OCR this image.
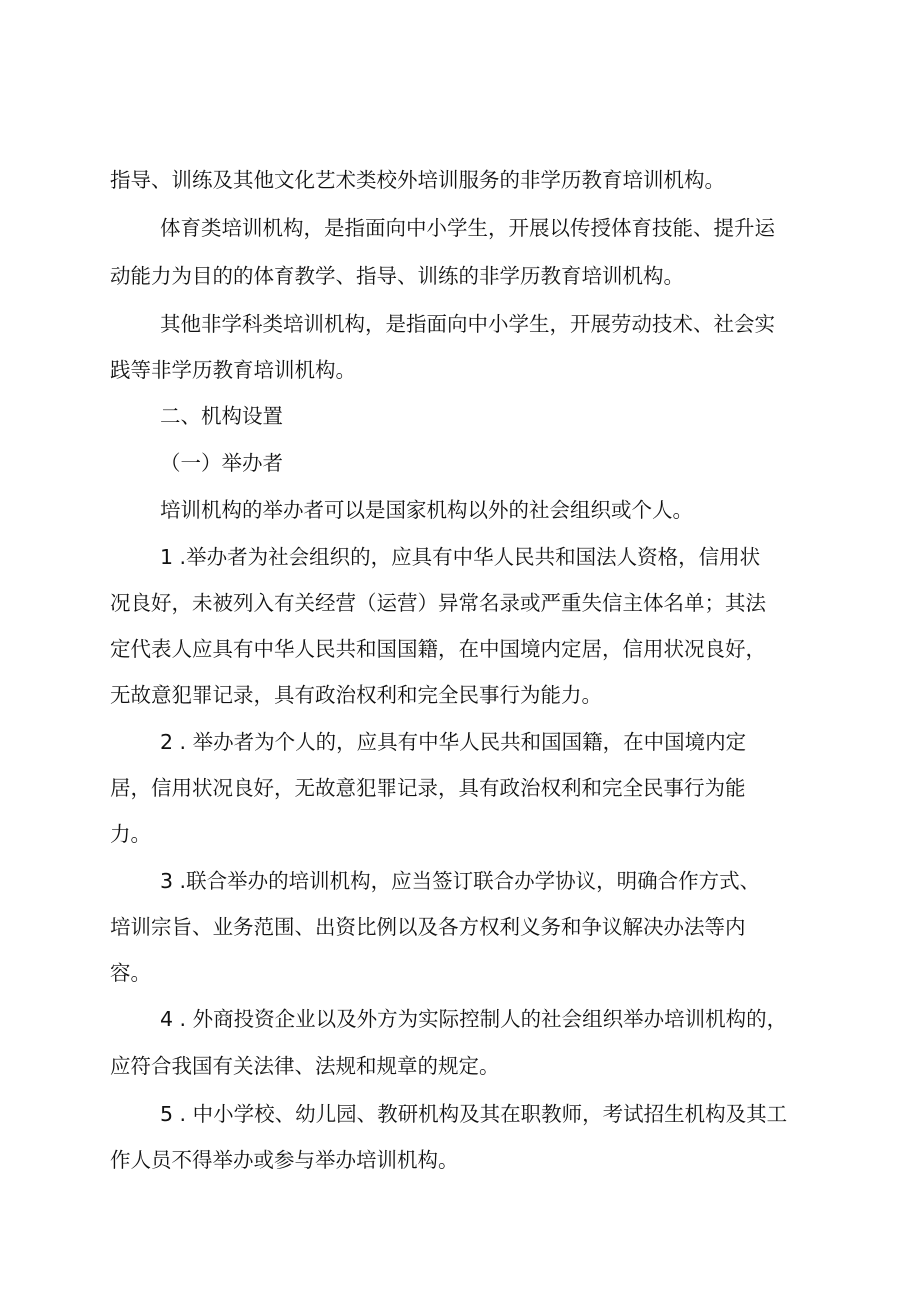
指导、训练及其他文化艺术类校外培训服务的非学历教育培训机构。

体育类培训机构，是指面向中小学生，开展以传授体育技能、提升运

动能力为目的的体育教学、指导、训练的非学历教育培训机构。

其他非学科类培训机构，是指面向中小学生，开展劳动技术、社会实

践等非学历教育培训机构。

二、机构设置

（一）举办者

培训机构的举办者可以是国家机构以外的社会组织或个人。

1 .举办者为社会组织的，应具有中华人民共和国法人资格，信用状

况良好，未被列入有关经营（运营）异常名录或严重失信主体名单；其法

定代表人应具有中华人民共和国国籍，在中国境内定居，信用状况良好，

无故意犯罪记录，具有政治权利和完全民事行为能力。

2 . 举办者为个人的，应具有中华人民共和国国籍，在中国境内定

居，信用状况良好，无故意犯罪记录，具有政治权利和完全民事行为能

力。

3 .联合举办的培训机构，应当签订联合办学协议，明确合作方式、

培训宗旨、业务范围、出资比例以及各方权利义务和争议解决办法等内

容。

4 . 外商投资企业以及外方为实际控制人的社会组织举办培训机构的，

应符合我国有关法律、法规和规章的规定。

5 . 中小学校、幼儿园、教研机构及其在职教师，考试招生机构及其工

作人员不得举办或参与举办培训机构。
